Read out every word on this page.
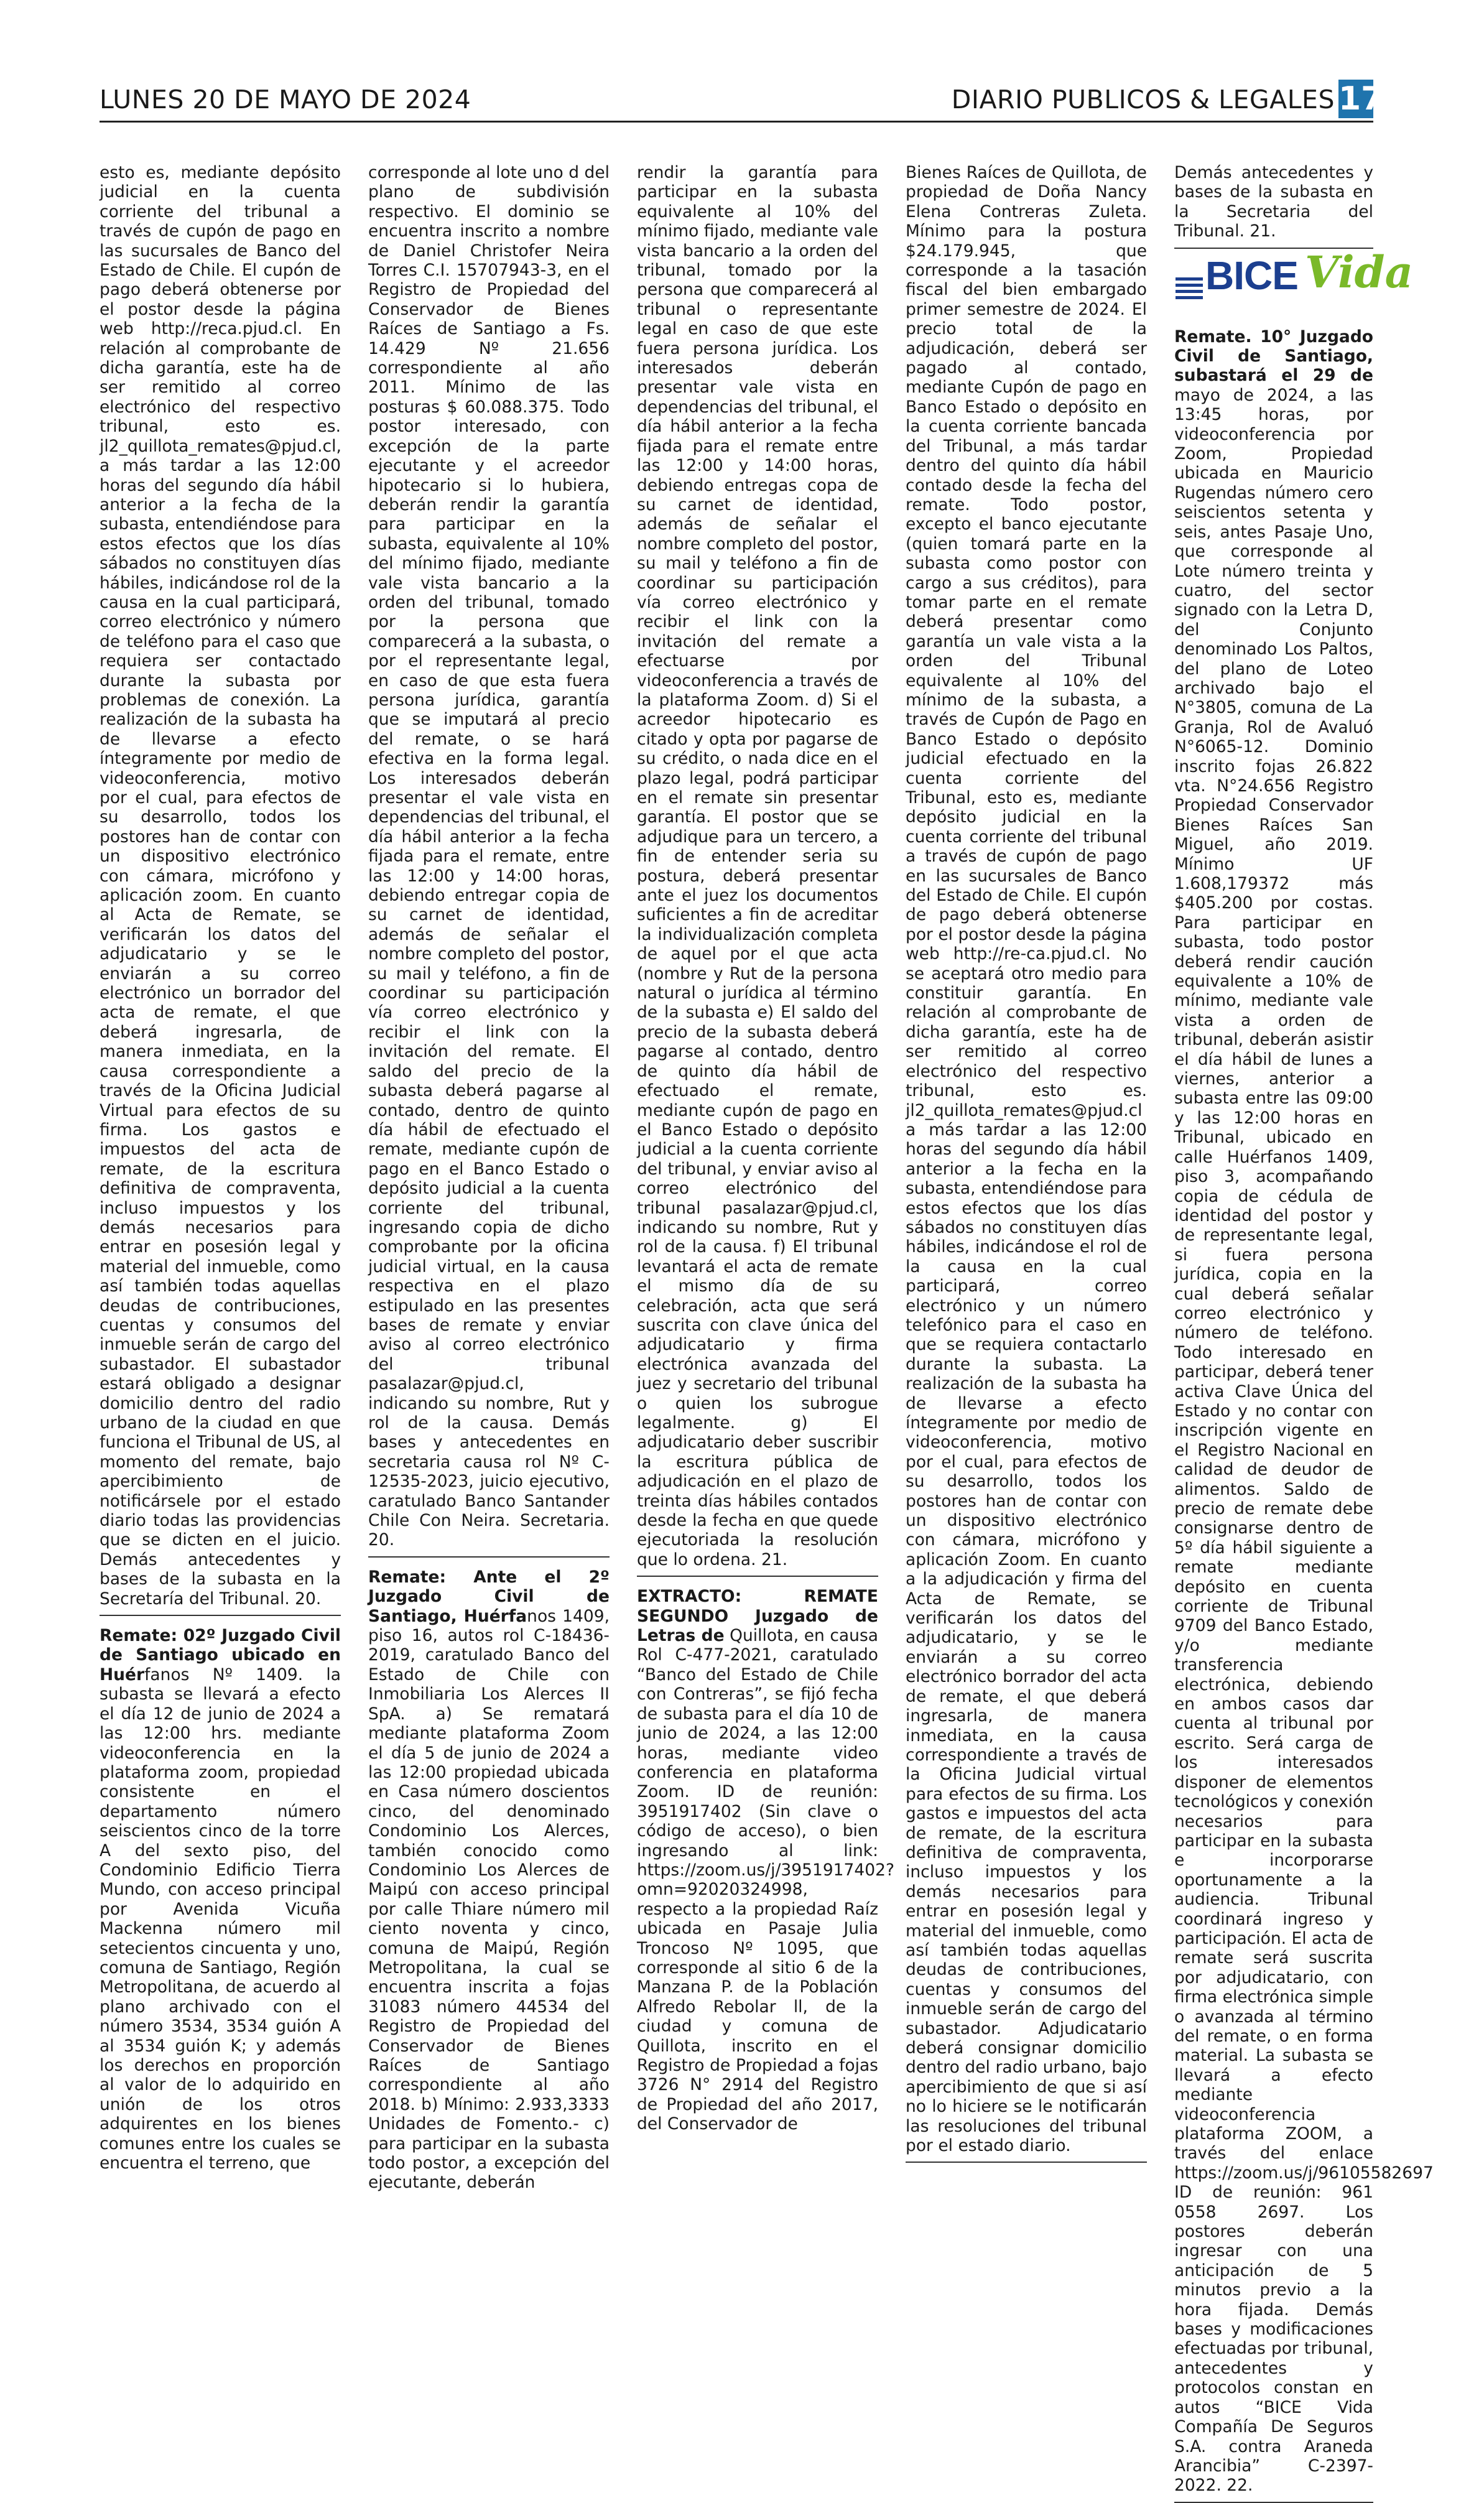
LUNES 20 DE MAYO DE 2024	DIARIO PUBLICOS & LEGALES 17

esto es, mediante depósito judicial en la cuenta corriente del tribunal a través de cupón de pago en las sucursales de Banco del Estado de Chile. El cupón de pago deberá obtenerse por el postor desde la página web http://reca.pjud.cl. En relación al comprobante de dicha garantía, este ha de ser remitido al correo electrónico del respectivo tribunal, esto es. jl2_quillota_remates@pjud.cl, a más tardar a las 12:00 horas del segundo día hábil anterior a la fecha de la subasta, entendiéndose para estos efectos que los días sábados no constituyen días hábiles, indicándose rol de la causa en la cual participará, correo electrónico y número de teléfono para el caso que requiera ser contactado durante la subasta por problemas de conexión. La realización de la subasta ha de llevarse a efecto íntegramente por medio de videoconferencia, motivo por el cual, para efectos de su desarrollo, todos los postores han de contar con un dispositivo electrónico con cámara, micrófono y aplicación zoom. En cuanto al Acta de Remate, se verificarán los datos del adjudicatario y se le enviarán a su correo electrónico un borrador del acta de remate, el que deberá ingresarla, de manera inmediata, en la causa correspondiente a través de la Oficina Judicial Virtual para efectos de su firma. Los gastos e impuestos del acta de remate, de la escritura definitiva de compraventa, incluso impuestos y los demás necesarios para entrar en posesión legal y material del inmueble, como así también todas aquellas deudas de contribuciones, cuentas y consumos del inmueble serán de cargo del subastador. El subastador estará obligado a designar domicilio dentro del radio urbano de la ciudad en que funciona el Tribunal de US, al momento del remate, bajo apercibimiento de notificársele por el estado diario todas las providencias que se dicten en el juicio. Demás antecedentes y bases de la subasta en la Secretaría del Tribunal. 20.

Remate: 02º Juzgado Civil de Santiago ubicado en Huérfanos Nº 1409. la subasta se llevará a efecto el día 12 de junio de 2024 a las 12:00 hrs. mediante videoconferencia en la plataforma zoom, propiedad consistente en el departamento número seiscientos cinco de la torre A del sexto piso, del Condominio Edificio Tierra Mundo, con acceso principal por Avenida Vicuña Mackenna número mil setecientos cincuenta y uno, comuna de Santiago, Región Metropolitana, de acuerdo al plano archivado con el número 3534, 3534 guión A al 3534 guión K; y además los derechos en proporción al valor de lo adquirido en unión de los otros adquirentes en los bienes comunes entre los cuales se encuentra el terreno, que

corresponde al lote uno d del plano de subdivisión respectivo. El dominio se encuentra inscrito a nombre de Daniel Christofer Neira Torres C.I. 15707943-3, en el Registro de Propiedad del Conservador de Bienes Raíces de Santiago a Fs. 14.429 Nº 21.656 correspondiente al año 2011. Mínimo de las posturas $ 60.088.375. Todo postor interesado, con excepción de la parte ejecutante y el acreedor hipotecario si lo hubiera, deberán rendir la garantía para participar en la subasta, equivalente al 10% del mínimo fijado, mediante vale vista bancario a la orden del tribunal, tomado por la persona que comparecerá a la subasta, o por el representante legal, en caso de que esta fuera persona jurídica, garantía que se imputará al precio del remate, o se hará efectiva en la forma legal. Los interesados deberán presentar el vale vista en dependencias del tribunal, el día hábil anterior a la fecha fijada para el remate, entre las 12:00 y 14:00 horas, debiendo entregar copia de su carnet de identidad, además de señalar el nombre completo del postor, su mail y teléfono, a fin de coordinar su participación vía correo electrónico y recibir el link con la invitación del remate. El saldo del precio de la subasta deberá pagarse al contado, dentro de quinto día hábil de efectuado el remate, mediante cupón de pago en el Banco Estado o depósito judicial a la cuenta corriente del tribunal, ingresando copia de dicho comprobante por la oficina judicial virtual, en la causa respectiva en el plazo estipulado en las presentes bases de remate y enviar aviso al correo electrónico del tribunal pasalazar@pjud.cl, indicando su nombre, Rut y rol de la causa. Demás bases y antecedentes en secretaria causa rol Nº C-12535-2023, juicio ejecutivo, caratulado Banco Santander Chile Con Neira. Secretaria. 20.

Remate: Ante el 2º Juzgado Civil de Santiago, Huérfanos 1409, piso 16, autos rol C-18436-2019, caratulado Banco del Estado de Chile con Inmobiliaria Los Alerces II SpA. a) Se rematará mediante plataforma Zoom el día 5 de junio de 2024 a las 12:00 propiedad ubicada en Casa número doscientos cinco, del denominado Condominio Los Alerces, también conocido como Condominio Los Alerces de Maipú con acceso principal por calle Thiare número mil ciento noventa y cinco, comuna de Maipú, Región Metropolitana, la cual se encuentra inscrita a fojas 31083 número 44534 del Registro de Propiedad del Conservador de Bienes Raíces de Santiago correspondiente al año 2018. b) Mínimo: 2.933,3333 Unidades de Fomento.- c) para participar en la subasta todo postor, a excepción del ejecutante, deberán

rendir la garantía para participar en la subasta equivalente al 10% del mínimo fijado, mediante vale vista bancario a la orden del tribunal, tomado por la persona que comparecerá al tribunal o representante legal en caso de que este fuera persona jurídica. Los interesados deberán presentar vale vista en dependencias del tribunal, el día hábil anterior a la fecha fijada para el remate entre las 12:00 y 14:00 horas, debiendo entregas copa de su carnet de identidad, además de señalar el nombre completo del postor, su mail y teléfono a fin de coordinar su participación vía correo electrónico y recibir el link con la invitación del remate a efectuarse por videoconferencia a través de la plataforma Zoom. d) Si el acreedor hipotecario es citado y opta por pagarse de su crédito, o nada dice en el plazo legal, podrá participar en el remate sin presentar garantía. El postor que se adjudique para un tercero, a fin de entender seria su postura, deberá presentar ante el juez los documentos suficientes a fin de acreditar la individualización completa de aquel por el que acta (nombre y Rut de la persona natural o jurídica al término de la subasta e) El saldo del precio de la subasta deberá pagarse al contado, dentro de quinto día hábil de efectuado el remate, mediante cupón de pago en el Banco Estado o depósito judicial a la cuenta corriente del tribunal, y enviar aviso al correo electrónico del tribunal pasalazar@pjud.cl, indicando su nombre, Rut y rol de la causa. f) El tribunal levantará el acta de remate el mismo día de su celebración, acta que será suscrita con clave única del adjudicatario y firma electrónica avanzada del juez y secretario del tribunal o quien los subrogue legalmente. g) El adjudicatario deber suscribir la escritura pública de adjudicación en el plazo de treinta días hábiles contados desde la fecha en que quede ejecutoriada la resolución que lo ordena. 21.

EXTRACTO: REMATE SEGUNDO Juzgado de Letras de Quillota, en causa Rol C-477-2021, caratulado “Banco del Estado de Chile con Contreras”, se fijó fecha de subasta para el día 10 de junio de 2024, a las 12:00 horas, mediante video conferencia en plataforma Zoom. ID de reunión: 3951917402 (Sin clave o código de acceso), o bien ingresando al link: https://zoom.us/j/3951917402?omn=92020324998, respecto a la propiedad Raíz ubicada en Pasaje Julia Troncoso Nº 1095, que corresponde al sitio 6 de la Manzana P. de la Población Alfredo Rebolar ll, de la ciudad y comuna de Quillota, inscrito en el Registro de Propiedad a fojas 3726 N° 2914 del Registro de Propiedad del año 2017, del Conservador de

Bienes Raíces de Quillota, de propiedad de Doña Nancy Elena Contreras Zuleta. Mínimo para la postura $24.179.945, que corresponde a la tasación fiscal del bien embargado primer semestre de 2024. El precio total de la adjudicación, deberá ser pagado al contado, mediante Cupón de pago en Banco Estado o depósito en la cuenta corriente bancada del Tribunal, a más tardar dentro del quinto día hábil contado desde la fecha del remate. Todo postor, excepto el banco ejecutante (quien tomará parte en la subasta como postor con cargo a sus créditos), para tomar parte en el remate deberá presentar como garantía un vale vista a la orden del Tribunal equivalente al 10% del mínimo de la subasta, a través de Cupón de Pago en Banco Estado o depósito judicial efectuado en la cuenta corriente del Tribunal, esto es, mediante depósito judicial en la cuenta corriente del tribunal a través de cupón de pago en las sucursales de Banco del Estado de Chile. El cupón de pago deberá obtenerse por el postor desde la página web http://re-ca.pjud.cl. No se aceptará otro medio para constituir garantía. En relación al comprobante de dicha garantía, este ha de ser remitido al correo electrónico del respectivo tribunal, esto es. jl2_quillota_remates@pjud.cl a más tardar a las 12:00 horas del segundo día hábil anterior a la fecha en la subasta, entendiéndose para estos efectos que los días sábados no constituyen días hábiles, indicándose el rol de la causa en la cual participará, correo electrónico y un número telefónico para el caso en que se requiera contactarlo durante la subasta. La realización de la subasta ha de llevarse a efecto íntegramente por medio de videoconferencia, motivo por el cual, para efectos de su desarrollo, todos los postores han de contar con un dispositivo electrónico con cámara, micrófono y aplicación Zoom. En cuanto a la adjudicación y firma del Acta de Remate, se verificarán los datos del adjudicatario, y se le enviarán a su correo electrónico borrador del acta de remate, el que deberá ingresarla, de manera inmediata, en la causa correspondiente a través de la Oficina Judicial virtual para efectos de su firma. Los gastos e impuestos del acta de remate, de la escritura definitiva de compraventa, incluso impuestos y los demás necesarios para entrar en posesión legal y material del inmueble, como así también todas aquellas deudas de contribuciones, cuentas y consumos del inmueble serán de cargo del subastador. Adjudicatario deberá consignar domicilio dentro del radio urbano, bajo apercibimiento de que si así no lo hiciere se le notificarán las resoluciones del tribunal por el estado diario.

Demás antecedentes y bases de la subasta en la Secretaria del Tribunal. 21.

BICE Vida

Remate. 10° Juzgado Civil de Santiago, subastará el 29 de mayo de 2024, a las 13:45 horas, por videoconferencia por Zoom, Propiedad ubicada en Mauricio Rugendas número cero seiscientos setenta y seis, antes Pasaje Uno, que corresponde al Lote número treinta y cuatro, del sector signado con la Letra D, del Conjunto denominado Los Paltos, del plano de Loteo archivado bajo el N°3805, comuna de La Granja, Rol de Avaluó N°6065-12. Dominio inscrito fojas 26.822 vta. N°24.656 Registro Propiedad Conservador Bienes Raíces San Miguel, año 2019. Mínimo UF 1.608,179372 más $405.200 por costas. Para participar en subasta, todo postor deberá rendir caución equivalente a 10% de mínimo, mediante vale vista a orden de tribunal, deberán asistir el día hábil de lunes a viernes, anterior a subasta entre las 09:00 y las 12:00 horas en Tribunal, ubicado en calle Huérfanos 1409, piso 3, acompañando copia de cédula de identidad del postor y de representante legal, si fuera persona jurídica, copia en la cual deberá señalar correo electrónico y número de teléfono. Todo interesado en participar, deberá tener activa Clave Única del Estado y no contar con inscripción vigente en el Registro Nacional en calidad de deudor de alimentos. Saldo de precio de remate debe consignarse dentro de 5º día hábil siguiente a remate mediante depósito en cuenta corriente de Tribunal 9709 del Banco Estado, y/o mediante transferencia electrónica, debiendo en ambos casos dar cuenta al tribunal por escrito. Será carga de los interesados disponer de elementos tecnológicos y conexión necesarios para participar en la subasta e incorporarse oportunamente a la audiencia. Tribunal coordinará ingreso y participación. El acta de remate será suscrita por adjudicatario, con firma electrónica simple o avanzada al término del remate, o en forma material. La subasta se llevará a efecto mediante videoconferencia plataforma ZOOM, a través del enlace https://zoom.us/j/96105582697 ID de reunión: 961 0558 2697. Los postores deberán ingresar con una anticipación de 5 minutos previo a la hora fijada. Demás bases y modificaciones efectuadas por tribunal, antecedentes y protocolos constan en autos “BICE Vida Compañía De Seguros S.A. contra Araneda Arancibia” C-2397-2022. 22.
